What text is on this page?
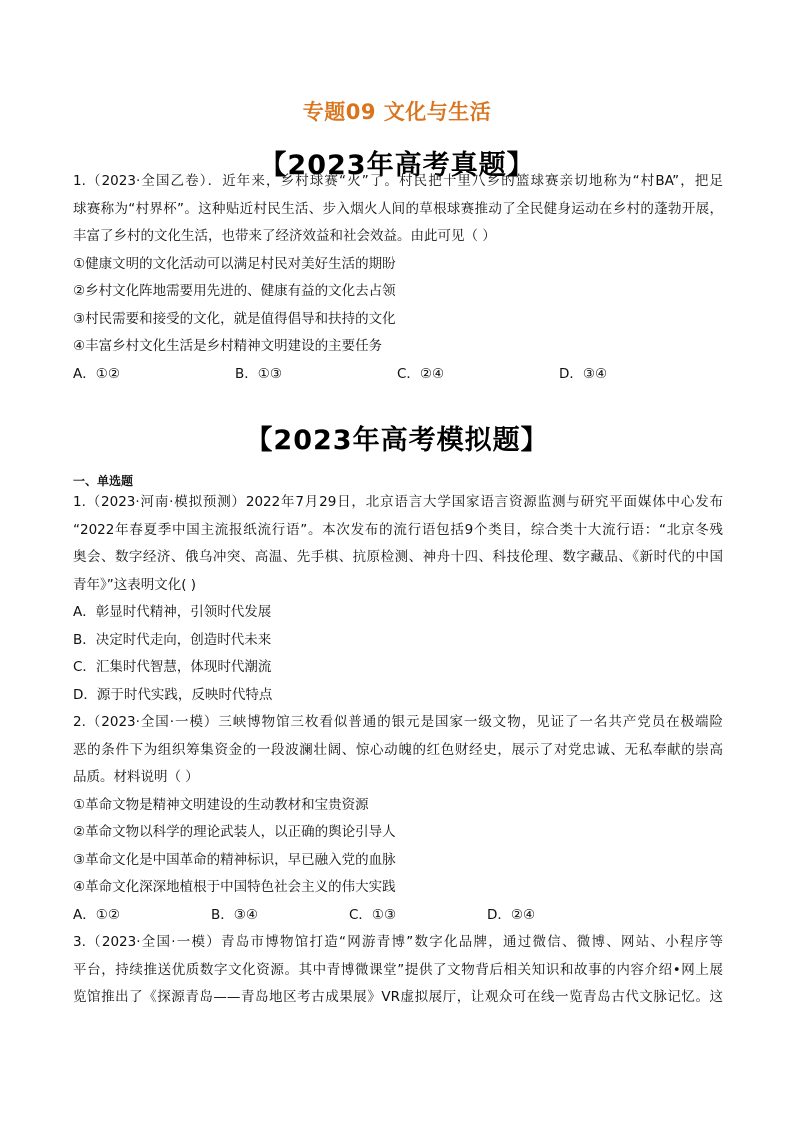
专题09 文化与生活
【2023年高考真题】
1.（2023·全国乙卷）．近年来，乡村球赛“火”了。村民把十里八乡的篮球赛亲切地称为“村BA”，把足
球赛称为“村界杯”。这种贴近村民生活、步入烟火人间的草根球赛推动了全民健身运动在乡村的蓬勃开展，
丰富了乡村的文化生活，也带来了经济效益和社会效益。由此可见（ ）
①健康文明的文化活动可以满足村民对美好生活的期盼
②乡村文化阵地需要用先进的、健康有益的文化去占领
③村民需要和接受的文化，就是值得倡导和扶持的文化
④丰富乡村文化生活是乡村精神文明建设的主要任务
A．①②	B．①③	C．②④	D．③④
【2023年高考模拟题】
一、单选题
1.（2023·河南·模拟预测）2022年7月29日，北京语言大学国家语言资源监测与研究平面媒体中心发布
“2022年春夏季中国主流报纸流行语”。本次发布的流行语包括9个类目，综合类十大流行语：“北京冬残
奥会、数字经济、俄乌冲突、高温、先手棋、抗原检测、神舟十四、科技伦理、数字藏品、《新时代的中国
青年》”这表明文化( )
A．彰显时代精神，引领时代发展
B．决定时代走向，创造时代未来
C．汇集时代智慧，体现时代潮流
D．源于时代实践，反映时代特点
2.（2023·全国·一模）三峡博物馆三枚看似普通的银元是国家一级文物，见证了一名共产党员在极端险
恶的条件下为组织筹集资金的一段波澜壮阔、惊心动魄的红色财经史，展示了对党忠诚、无私奉献的崇高
品质。材料说明（ ）
①革命文物是精神文明建设的生动教材和宝贵资源
②革命文物以科学的理论武装人，以正确的舆论引导人
③革命文化是中国革命的精神标识，早已融入党的血脉
④革命文化深深地植根于中国特色社会主义的伟大实践
A．①②	B．③④	C．①③	D．②④
3.（2023·全国·一模）青岛市博物馆打造“网游青博”数字化品牌，通过微信、微博、网站、小程序等
平台，持续推送优质数字文化资源。其中青博微课堂”提供了文物背后相关知识和故事的内容介绍•网上展
览馆推出了《探源青岛——青岛地区考古成果展》VR虚拟展厅，让观众可在线一览青岛古代文脉记忆。这
